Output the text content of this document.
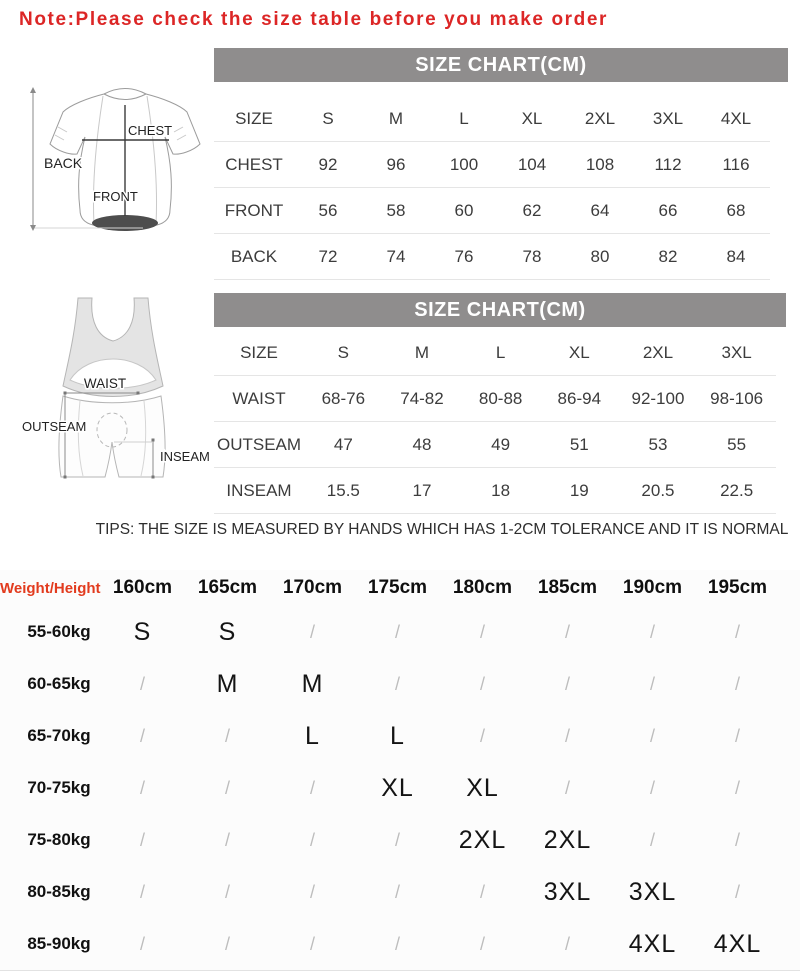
Note:Please check the size table before you make order
SIZE CHART(CM)
BACK
CHEST
FRONT
SIZE	S	M	L	XL	2XL	3XL	4XL
CHEST	92	96	100	104	108	112	116
FRONT	56	58	60	62	64	66	68
BACK	72	74	76	78	80	82	84
SIZE CHART(CM)
WAIST
OUTSEAM
INSEAM
SIZE	S	M	L	XL	2XL	3XL
WAIST	68-76	74-82	80-88	86-94	92-100	98-106
OUTSEAM	47	48	49	51	53	55
INSEAM	15.5	17	18	19	20.5	22.5
TIPS: THE SIZE IS MEASURED BY HANDS WHICH HAS 1-2CM TOLERANCE AND IT IS NORMAL
Weight/Height 160cm	165cm	170cm	175cm	180cm	185cm	190cm	195cm
55-60kg	S	S	/	/	/	/	/	/
60-65kg	/	M	M	/	/	/	/	/
65-70kg	/	/	L	L	/	/	/	/
70-75kg	/	/	/	XL	XL	/	/	/
75-80kg	/	/	/	/	2XL	2XL	/	/
80-85kg	/	/	/	/	/	3XL	3XL	/
85-90kg	/	/	/	/	/	/	4XL	4XL
